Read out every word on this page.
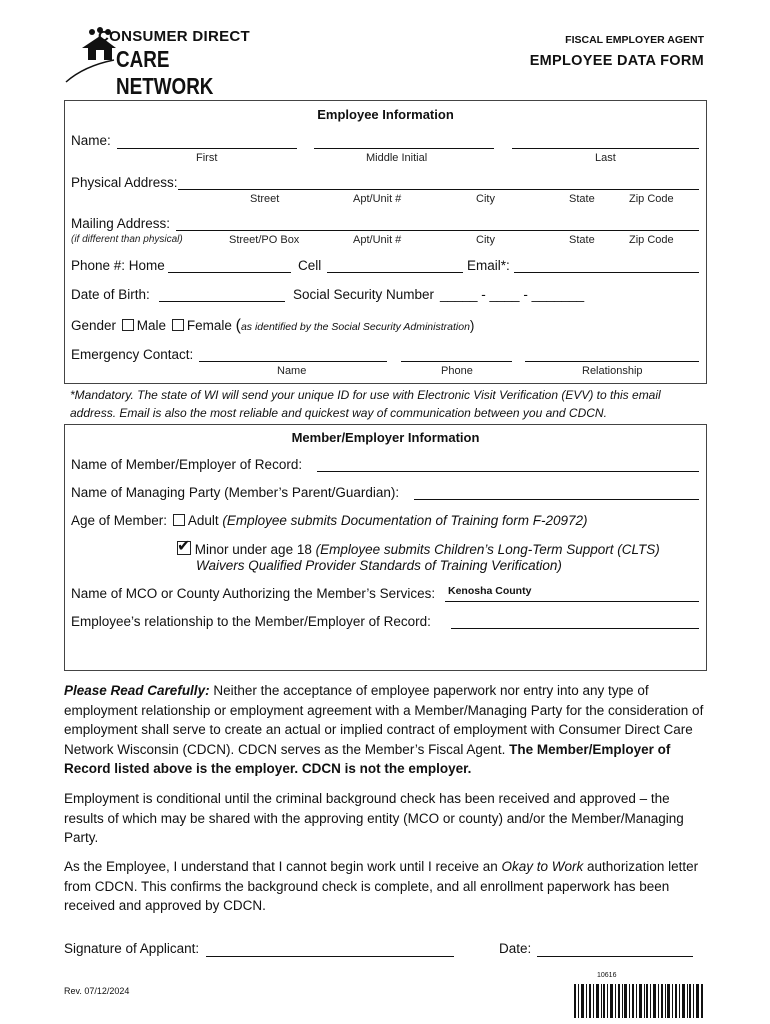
CONSUMER DIRECT
CARE NETWORK
FISCAL EMPLOYER AGENT
EMPLOYEE DATA FORM
Employee Information
Name:
First	Middle Initial	Last
Physical Address:
Street	Apt/Unit #	City	State	Zip Code
Mailing Address:
(if different than physical)	Street/PO Box	Apt/Unit #	City	State	Zip Code
Phone #: Home	Cell	Email*:
Date of Birth:	Social Security Number _____ - ____ - _______
Gender Male Female (as identified by the Social Security Administration)
Emergency Contact:
Name	Phone	Relationship
*Mandatory. The state of WI will send your unique ID for use with Electronic Visit Verification (EVV) to this email address. Email is also the most reliable and quickest way of communication between you and CDCN.
Member/Employer Information
Name of Member/Employer of Record:
Name of Managing Party (Member’s Parent/Guardian):
Age of Member: Adult (Employee submits Documentation of Training form F-20972)
✔ Minor under age 18 (Employee submits Children’s Long-Term Support (CLTS)
Waivers Qualified Provider Standards of Training Verification)
Name of MCO or County Authorizing the Member’s Services: Kenosha County
Employee’s relationship to the Member/Employer of Record:
Please Read Carefully: Neither the acceptance of employee paperwork nor entry into any type of employment relationship or employment agreement with a Member/Managing Party for the consideration of employment shall serve to create an actual or implied contract of employment with Consumer Direct Care Network Wisconsin (CDCN). CDCN serves as the Member’s Fiscal Agent. The Member/Employer of Record listed above is the employer. CDCN is not the employer.
Employment is conditional until the criminal background check has been received and approved – the results of which may be shared with the approving entity (MCO or county) and/or the Member/Managing Party.
As the Employee, I understand that I cannot begin work until I receive an Okay to Work authorization letter from CDCN. This confirms the background check is complete, and all enrollment paperwork has been received and approved by CDCN.
Signature of Applicant:	Date:
Rev. 07/12/2024
10616
